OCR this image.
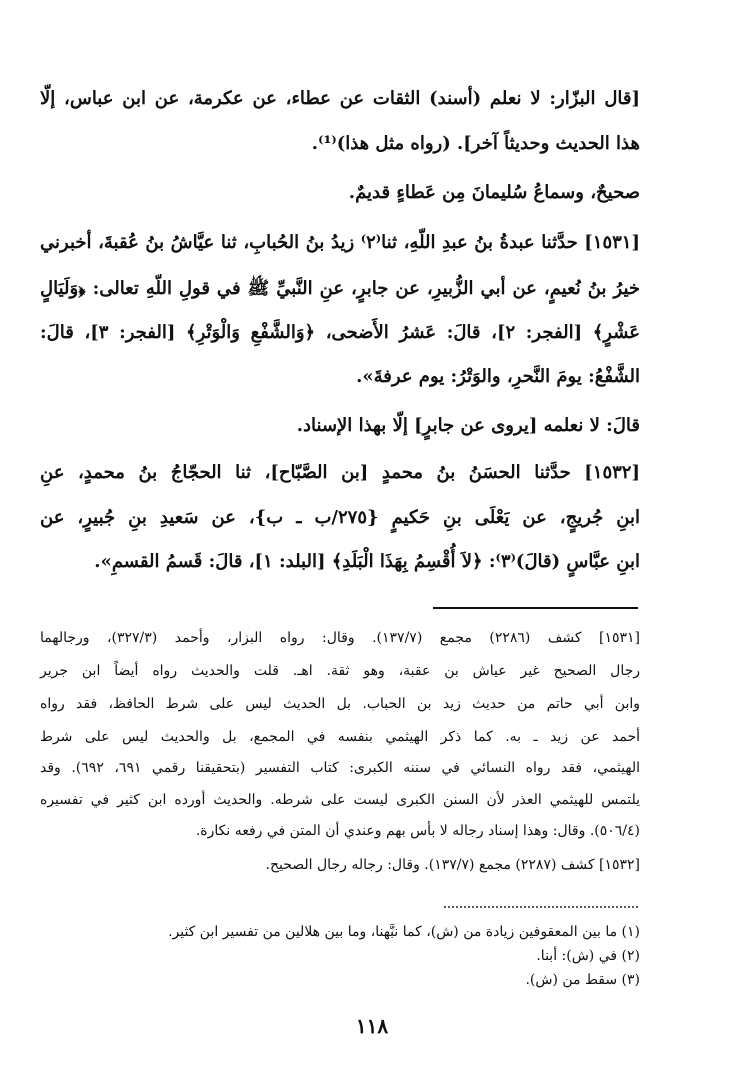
[قال البزّار: لا نعلم (أسند) الثقات عن عطاء، عن عكرمة، عن ابن عباس، إلّا
هذا الحديث وحديثاً آخر]. (رواه مثل هذا)⁽¹⁾.
صحيحٌ، وسماعُ سُليمانَ مِن عَطاءٍ قديمٌ.
[١٥٣١] حدَّثنا عبدةُ بنُ عبدِ اللّهِ، ثنا⁽٢⁾ زيدُ بنُ الحُبابِ، ثنا عيَّاشُ بنُ عُقبةَ، أخبرني
خيرُ بنُ نُعيمٍ، عن أبي الزُّبيرِ، عن جابرٍ، عنِ النَّبيِّ ﷺ في قولِ اللّهِ تعالى: ﴿وَلَيَالٍ
عَشْرٍ﴾ [الفجر: ٢]، قالَ: عَشرُ الأَضحى، ﴿وَالشَّفْعِ وَالْوَتْرِ﴾ [الفجر: ٣]، قالَ:
الشَّفْعُ: يومَ النَّحرِ، والوَتْرُ: يوم عرفةَ».
قالَ: لا نعلمه [يروى عن جابرٍ] إلّا بهذا الإسناد.
[١٥٣٢] حدَّثنا الحسَنُ بنُ محمدٍ [بن الصَّبّاح]، ثنا الحجّاجُ بنُ محمدٍ، عنِ
ابنِ جُريجٍ، عن يَعْلَى بنِ حَكيمٍ {٢٧٥/ب ـ ب}، عن سَعيدِ بنِ جُبيرٍ، عن
ابنِ عبَّاسٍ (قالَ)⁽٣⁾: ﴿لاَ أُقْسِمُ بِهَذَا الْبَلَدِ﴾ [البلد: ١]، قالَ: قَسمُ القسمِ».
[١٥٣١] كشف (٢٢٨٦) مجمع (١٣٧/٧). وقال: رواه البزار، وأحمد (٣٢٧/٣)، ورجالهما
رجال الصحيح غير عياش بن عقبة، وهو ثقة. اهـ. قلت والحديث رواه أيضاً ابن جرير
وابن أبي حاتم من حديث زيد بن الحباب. بل الحديث ليس على شرط الحافظ، فقد رواه
أحمد عن زيد ـ به. كما ذكر الهيثمي بنفسه في المجمع، بل والحديث ليس على شرط
الهيثمي، فقد رواه النسائي في سننه الكبرى: كتاب التفسير (بتحقيقنا رقمي ٦٩١، ٦٩٢). وقد
يلتمس للهيثمي العذر لأن السنن الكبرى ليست على شرطه. والحديث أورده ابن كثير في تفسيره
(٥٠٦/٤). وقال: وهذا إسناد رجاله لا بأس بهم وعندي أن المتن في رفعه نكارة.
[١٥٣٢] كشف (٢٢٨٧) مجمع (١٣٧/٧). وقال: رجاله رجال الصحيح.
(١) ما بين المعقوفين زيادة من (ش)، كما نبَّهنا، وما بين هلالين من تفسير ابن كثير.
(٢) في (ش): أبنا.
(٣) سقط من (ش).
١١٨
